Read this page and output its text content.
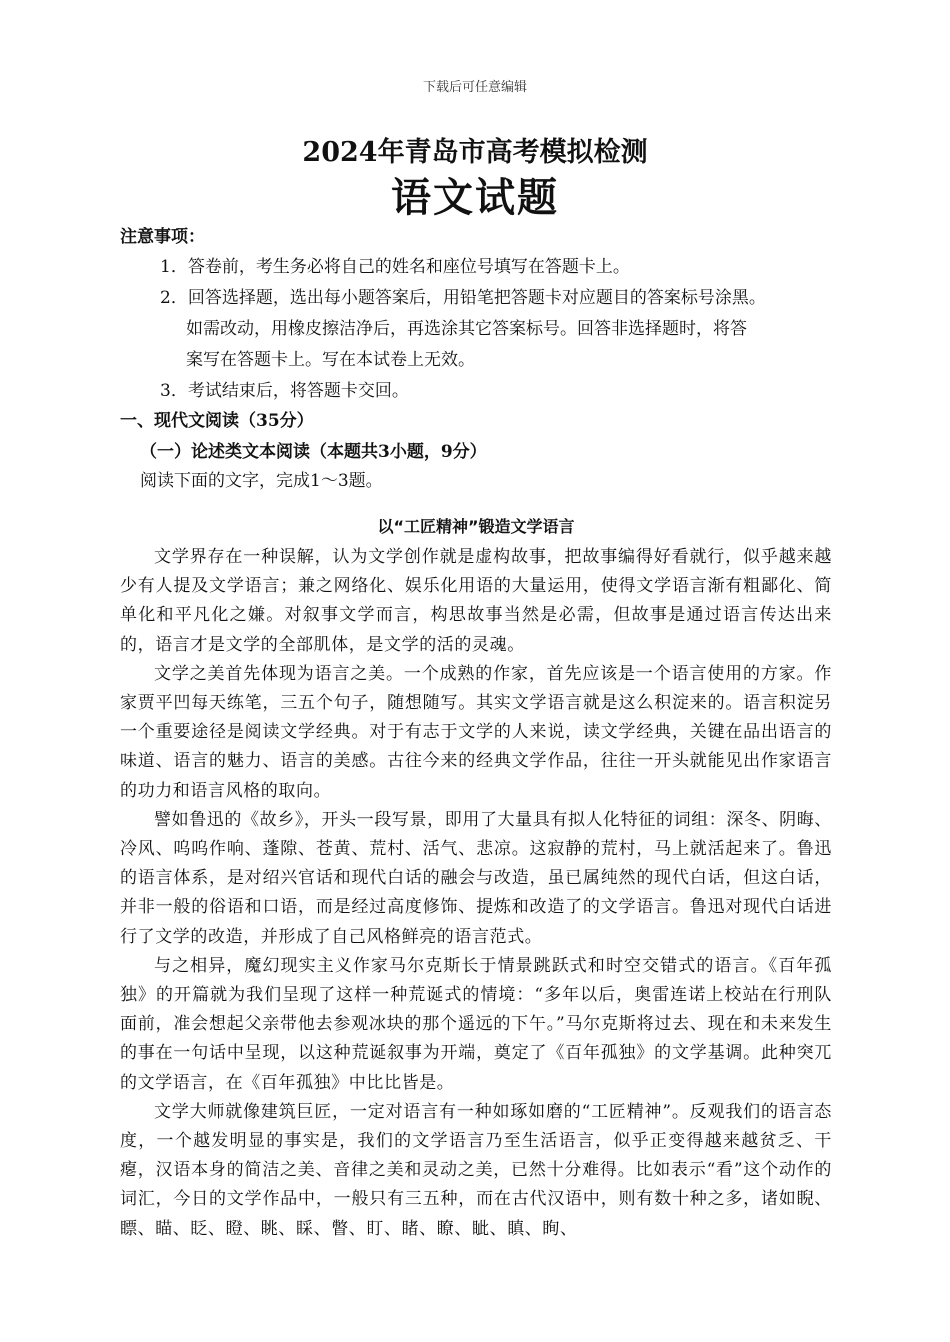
下载后可任意编辑
2024年青岛市高考模拟检测
语文试题
注意事项：
1．答卷前，考生务必将自己的姓名和座位号填写在答题卡上。
2．回答选择题，选出每小题答案后，用铅笔把答题卡对应题目的答案标号涂黑。
如需改动，用橡皮擦洁净后，再选涂其它答案标号。回答非选择题时，将答
案写在答题卡上。写在本试卷上无效。
3．考试结束后，将答题卡交回。
一、现代文阅读（35分）
（一）论述类文本阅读（本题共3小题，9分）
阅读下面的文字，完成1～3题。
以“工匠精神”锻造文学语言

文学界存在一种误解，认为文学创作就是虚构故事，把故事编得好看就行，似乎越来越少有人提及文学语言；兼之网络化、娱乐化用语的大量运用，使得文学语言渐有粗鄙化、简单化和平凡化之嫌。对叙事文学而言，构思故事当然是必需，但故事是通过语言传达出来的，语言才是文学的全部肌体，是文学的活的灵魂。

文学之美首先体现为语言之美。一个成熟的作家，首先应该是一个语言使用的方家。作家贾平凹每天练笔，三五个句子，随想随写。其实文学语言就是这么积淀来的。语言积淀另一个重要途径是阅读文学经典。对于有志于文学的人来说，读文学经典，关键在品出语言的味道、语言的魅力、语言的美感。古往今来的经典文学作品，往往一开头就能见出作家语言的功力和语言风格的取向。

譬如鲁迅的《故乡》，开头一段写景，即用了大量具有拟人化特征的词组：深冬、阴晦、冷风、呜呜作响、蓬隙、苍黄、荒村、活气、悲凉。这寂静的荒村，马上就活起来了。鲁迅的语言体系，是对绍兴官话和现代白话的融会与改造，虽已属纯然的现代白话，但这白话，并非一般的俗语和口语，而是经过高度修饰、提炼和改造了的文学语言。鲁迅对现代白话进行了文学的改造，并形成了自己风格鲜亮的语言范式。

与之相异，魔幻现实主义作家马尔克斯长于情景跳跃式和时空交错式的语言。《百年孤独》的开篇就为我们呈现了这样一种荒诞式的情境：“多年以后，奥雷连诺上校站在行刑队面前，准会想起父亲带他去参观冰块的那个遥远的下午。”马尔克斯将过去、现在和未来发生的事在一句话中呈现，以这种荒诞叙事为开端，奠定了《百年孤独》的文学基调。此种突兀的文学语言，在《百年孤独》中比比皆是。

文学大师就像建筑巨匠，一定对语言有一种如琢如磨的“工匠精神”。反观我们的语言态度，一个越发明显的事实是，我们的文学语言乃至生活语言，似乎正变得越来越贫乏、干瘪，汉语本身的简洁之美、音律之美和灵动之美，已然十分难得。比如表示“看”这个动作的词汇，今日的文学作品中，一般只有三五种，而在古代汉语中，则有数十种之多，诸如睨、瞟、瞄、眨、瞪、眺、睬、瞥、盯、睹、瞭、眦、瞋、眴、
